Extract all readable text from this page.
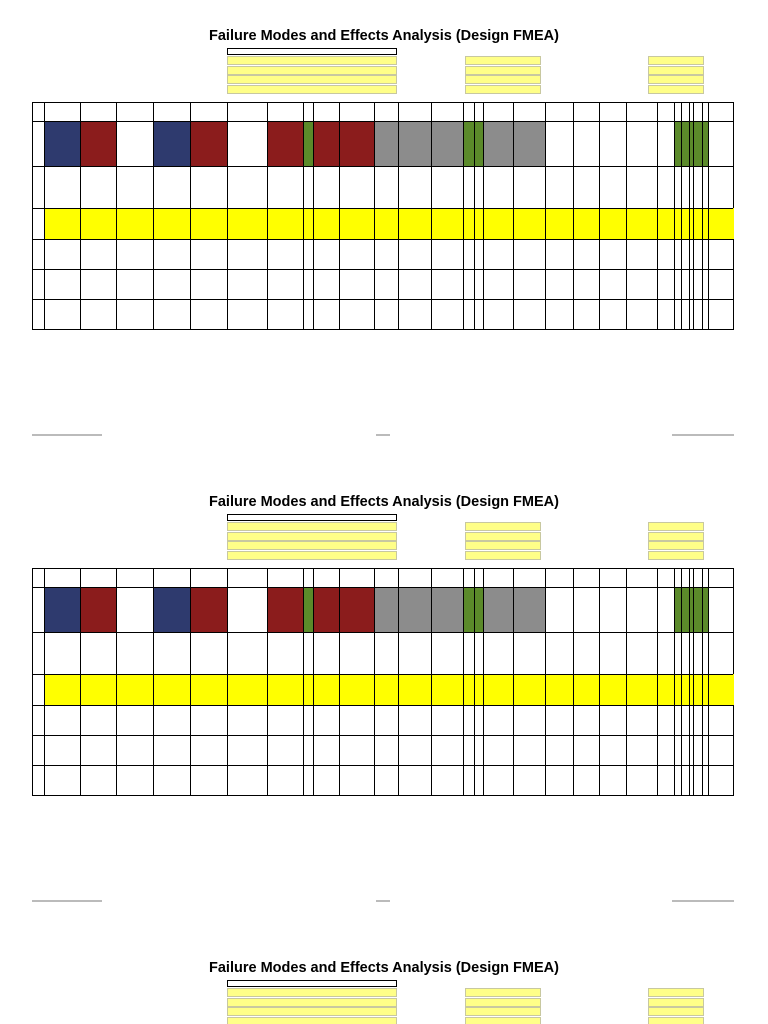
Failure Modes and Effects Analysis (Design FMEA)
Failure Modes and Effects Analysis (Design FMEA)
Failure Modes and Effects Analysis (Design FMEA)
